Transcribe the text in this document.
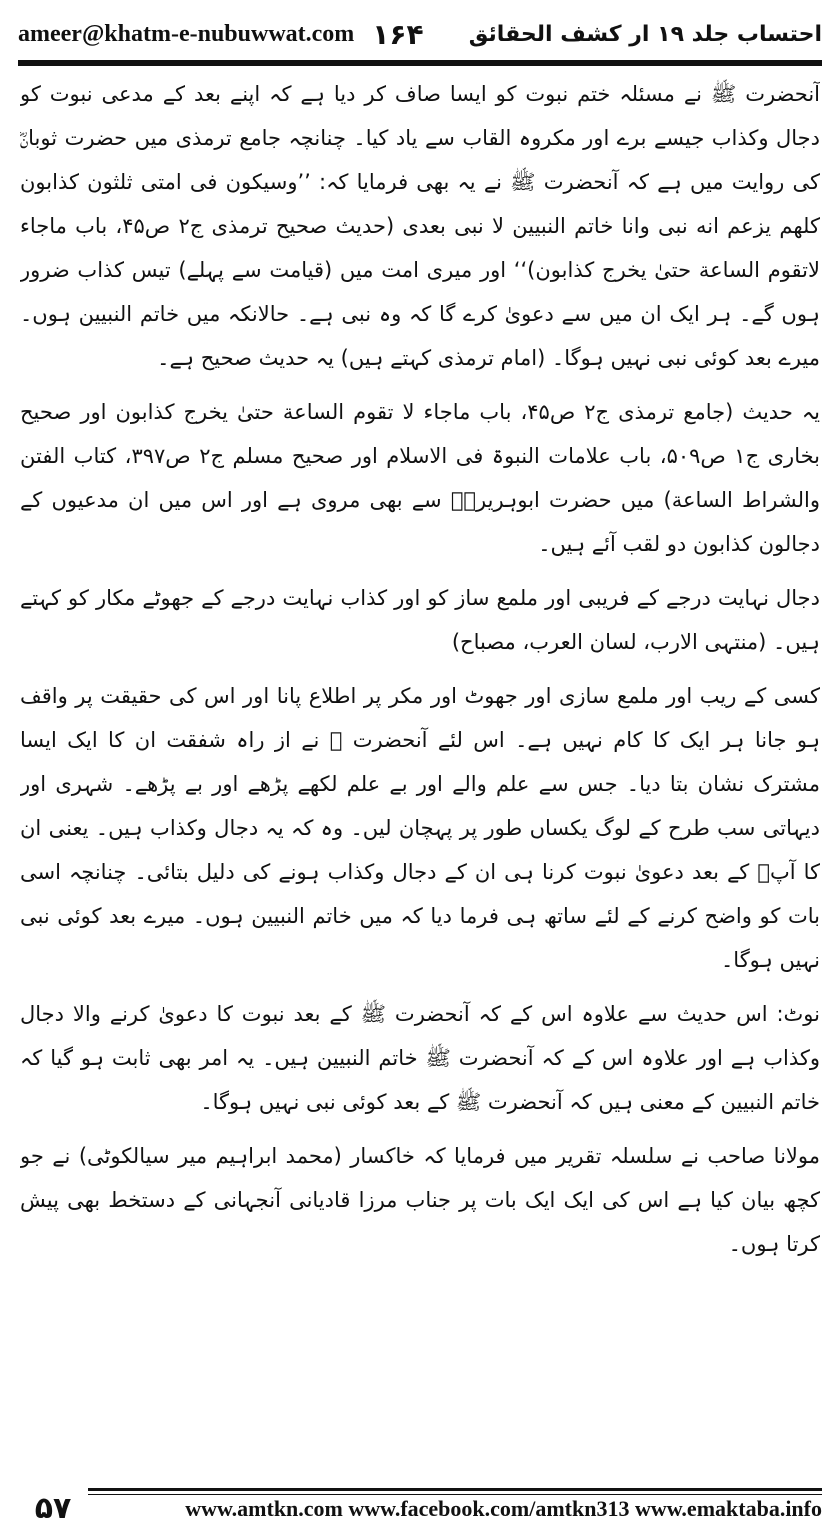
ameer@khatm-e-nubuwwat.com ۱۶۴ احتساب جلد ۱۹ ار کشف الحقائق

آنحضرت ﷺ نے مسئلہ ختم نبوت کو ایسا صاف کر دیا ہے کہ اپنے بعد کے مدعی نبوت کو دجال وکذاب جیسے برے اور مکروہ القاب سے یاد کیا۔ چنانچہ جامع ترمذی میں حضرت ثوبانؓ کی روایت میں ہے کہ آنحضرت ﷺ نے یہ بھی فرمایا کہ: ’’وسیکون فی امتی ثلثون کذابون کلھم یزعم انه نبی وانا خاتم النبیین لا نبی بعدی (حدیث صحیح ترمذی ج۲ ص۴۵، باب ماجاء لاتقوم الساعة حتیٰ یخرج کذابون)‘‘ اور میری امت میں (قیامت سے پہلے) تیس کذاب ضرور ہوں گے۔ ہر ایک ان میں سے دعویٰ کرے گا کہ وہ نبی ہے۔ حالانکہ میں خاتم النبیین ہوں۔ میرے بعد کوئی نبی نہیں ہوگا۔ (امام ترمذی کہتے ہیں) یہ حدیث صحیح ہے۔

یہ حدیث (جامع ترمذی ج۲ ص۴۵، باب ماجاء لا تقوم الساعة حتیٰ یخرج کذابون اور صحیح بخاری ج۱ ص۵۰۹، باب علامات النبوۃ فی الاسلام اور صحیح مسلم ج۲ ص۳۹۷، کتاب الفتن والشراط الساعة) میں حضرت ابوہریرہؓ سے بھی مروی ہے اور اس میں ان مدعیوں کے دجالون کذابون دو لقب آئے ہیں۔

دجال نہایت درجے کے فریبی اور ملمع ساز کو اور کذاب نہایت درجے کے جھوٹے مکار کو کہتے ہیں۔ (منتہی الارب، لسان العرب، مصباح)

کسی کے ریب اور ملمع سازی اور جھوٹ اور مکر پر اطلاع پانا اور اس کی حقیقت پر واقف ہو جانا ہر ایک کا کام نہیں ہے۔ اس لئے آنحضرت ﷺ نے از راہ شفقت ان کا ایک ایسا مشترک نشان بتا دیا۔ جس سے علم والے اور بے علم لکھے پڑھے اور بے پڑھے۔ شہری اور دیہاتی سب طرح کے لوگ یکساں طور پر پہچان لیں۔ وہ کہ یہ دجال وکذاب ہیں۔ یعنی ان کا آپؐ کے بعد دعویٰ نبوت کرنا ہی ان کے دجال وکذاب ہونے کی دلیل بتائی۔ چنانچہ اسی بات کو واضح کرنے کے لئے ساتھ ہی فرما دیا کہ میں خاتم النبیین ہوں۔ میرے بعد کوئی نبی نہیں ہوگا۔

نوٹ: اس حدیث سے علاوہ اس کے کہ آنحضرت ﷺ کے بعد نبوت کا دعویٰ کرنے والا دجال وکذاب ہے اور علاوہ اس کے کہ آنحضرت ﷺ خاتم النبیین ہیں۔ یہ امر بھی ثابت ہو گیا کہ خاتم النبیین کے معنی ہیں کہ آنحضرت ﷺ کے بعد کوئی نبی نہیں ہوگا۔

مولانا صاحب نے سلسلہ تقریر میں فرمایا کہ خاکسار (محمد ابراہیم میر سیالکوٹی) نے جو کچھ بیان کیا ہے اس کی ایک ایک بات پر جناب مرزا قادیانی آنجہانی کے دستخط بھی پیش کرتا ہوں۔

۵۷	www.amtkn.com www.facebook.com/amtkn313 www.emaktaba.info
